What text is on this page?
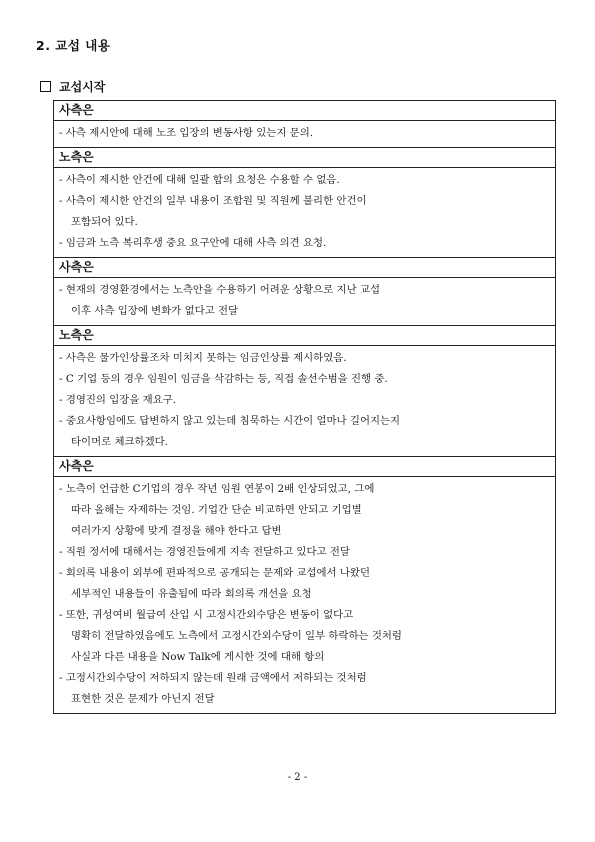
2. 교섭 내용
교섭시작
사측은
- 사측 제시안에 대해 노조 입장의 변동사항 있는지 문의.
노측은
- 사측이 제시한 안건에 대해 일괄 합의 요청은 수용할 수 없음.
- 사측이 제시한 안건의 일부 내용이 조합원 및 직원께 불리한 안건이
포함되어 있다.
- 임금과 노측 복리후생 중요 요구안에 대해 사측 의견 요청.
사측은
- 현재의 경영환경에서는 노측안을 수용하기 어려운 상황으로 지난 교섭
이후 사측 입장에 변화가 없다고 전달
노측은
- 사측은 물가인상률조차 미치지 못하는 임금인상률 제시하였음.
- C 기업 등의 경우 임원이 임금을 삭감하는 등, 직접 솔선수범을 진행 중.
- 경영진의 입장을 재요구.
- 중요사항임에도 답변하지 않고 있는데 침묵하는 시간이 얼마나 길어지는지
타이머로 체크하겠다.
사측은
- 노측이 언급한 C기업의 경우 작년 임원 연봉이 2배 인상되었고, 그에
따라 올해는 자제하는 것임. 기업간 단순 비교하면 안되고 기업별
여러가지 상황에 맞게 결정을 해야 한다고 답변
- 직원 정서에 대해서는 경영진들에게 지속 전달하고 있다고 전달
- 회의록 내용이 외부에 편파적으로 공개되는 문제와 교섭에서 나왔던
세부적인 내용들이 유출됨에 따라 회의록 개선을 요청
- 또한, 귀성여비 월급여 산입 시 고정시간외수당은 변동이 없다고
명확히 전달하였음에도 노측에서 고정시간외수당이 일부 하락하는 것처럼
사실과 다른 내용을 Now Talk에 게시한 것에 대해 항의
- 고정시간외수당이 저하되지 않는데 원래 금액에서 저하되는 것처럼
표현한 것은 문제가 아닌지 전달
- 2 -
